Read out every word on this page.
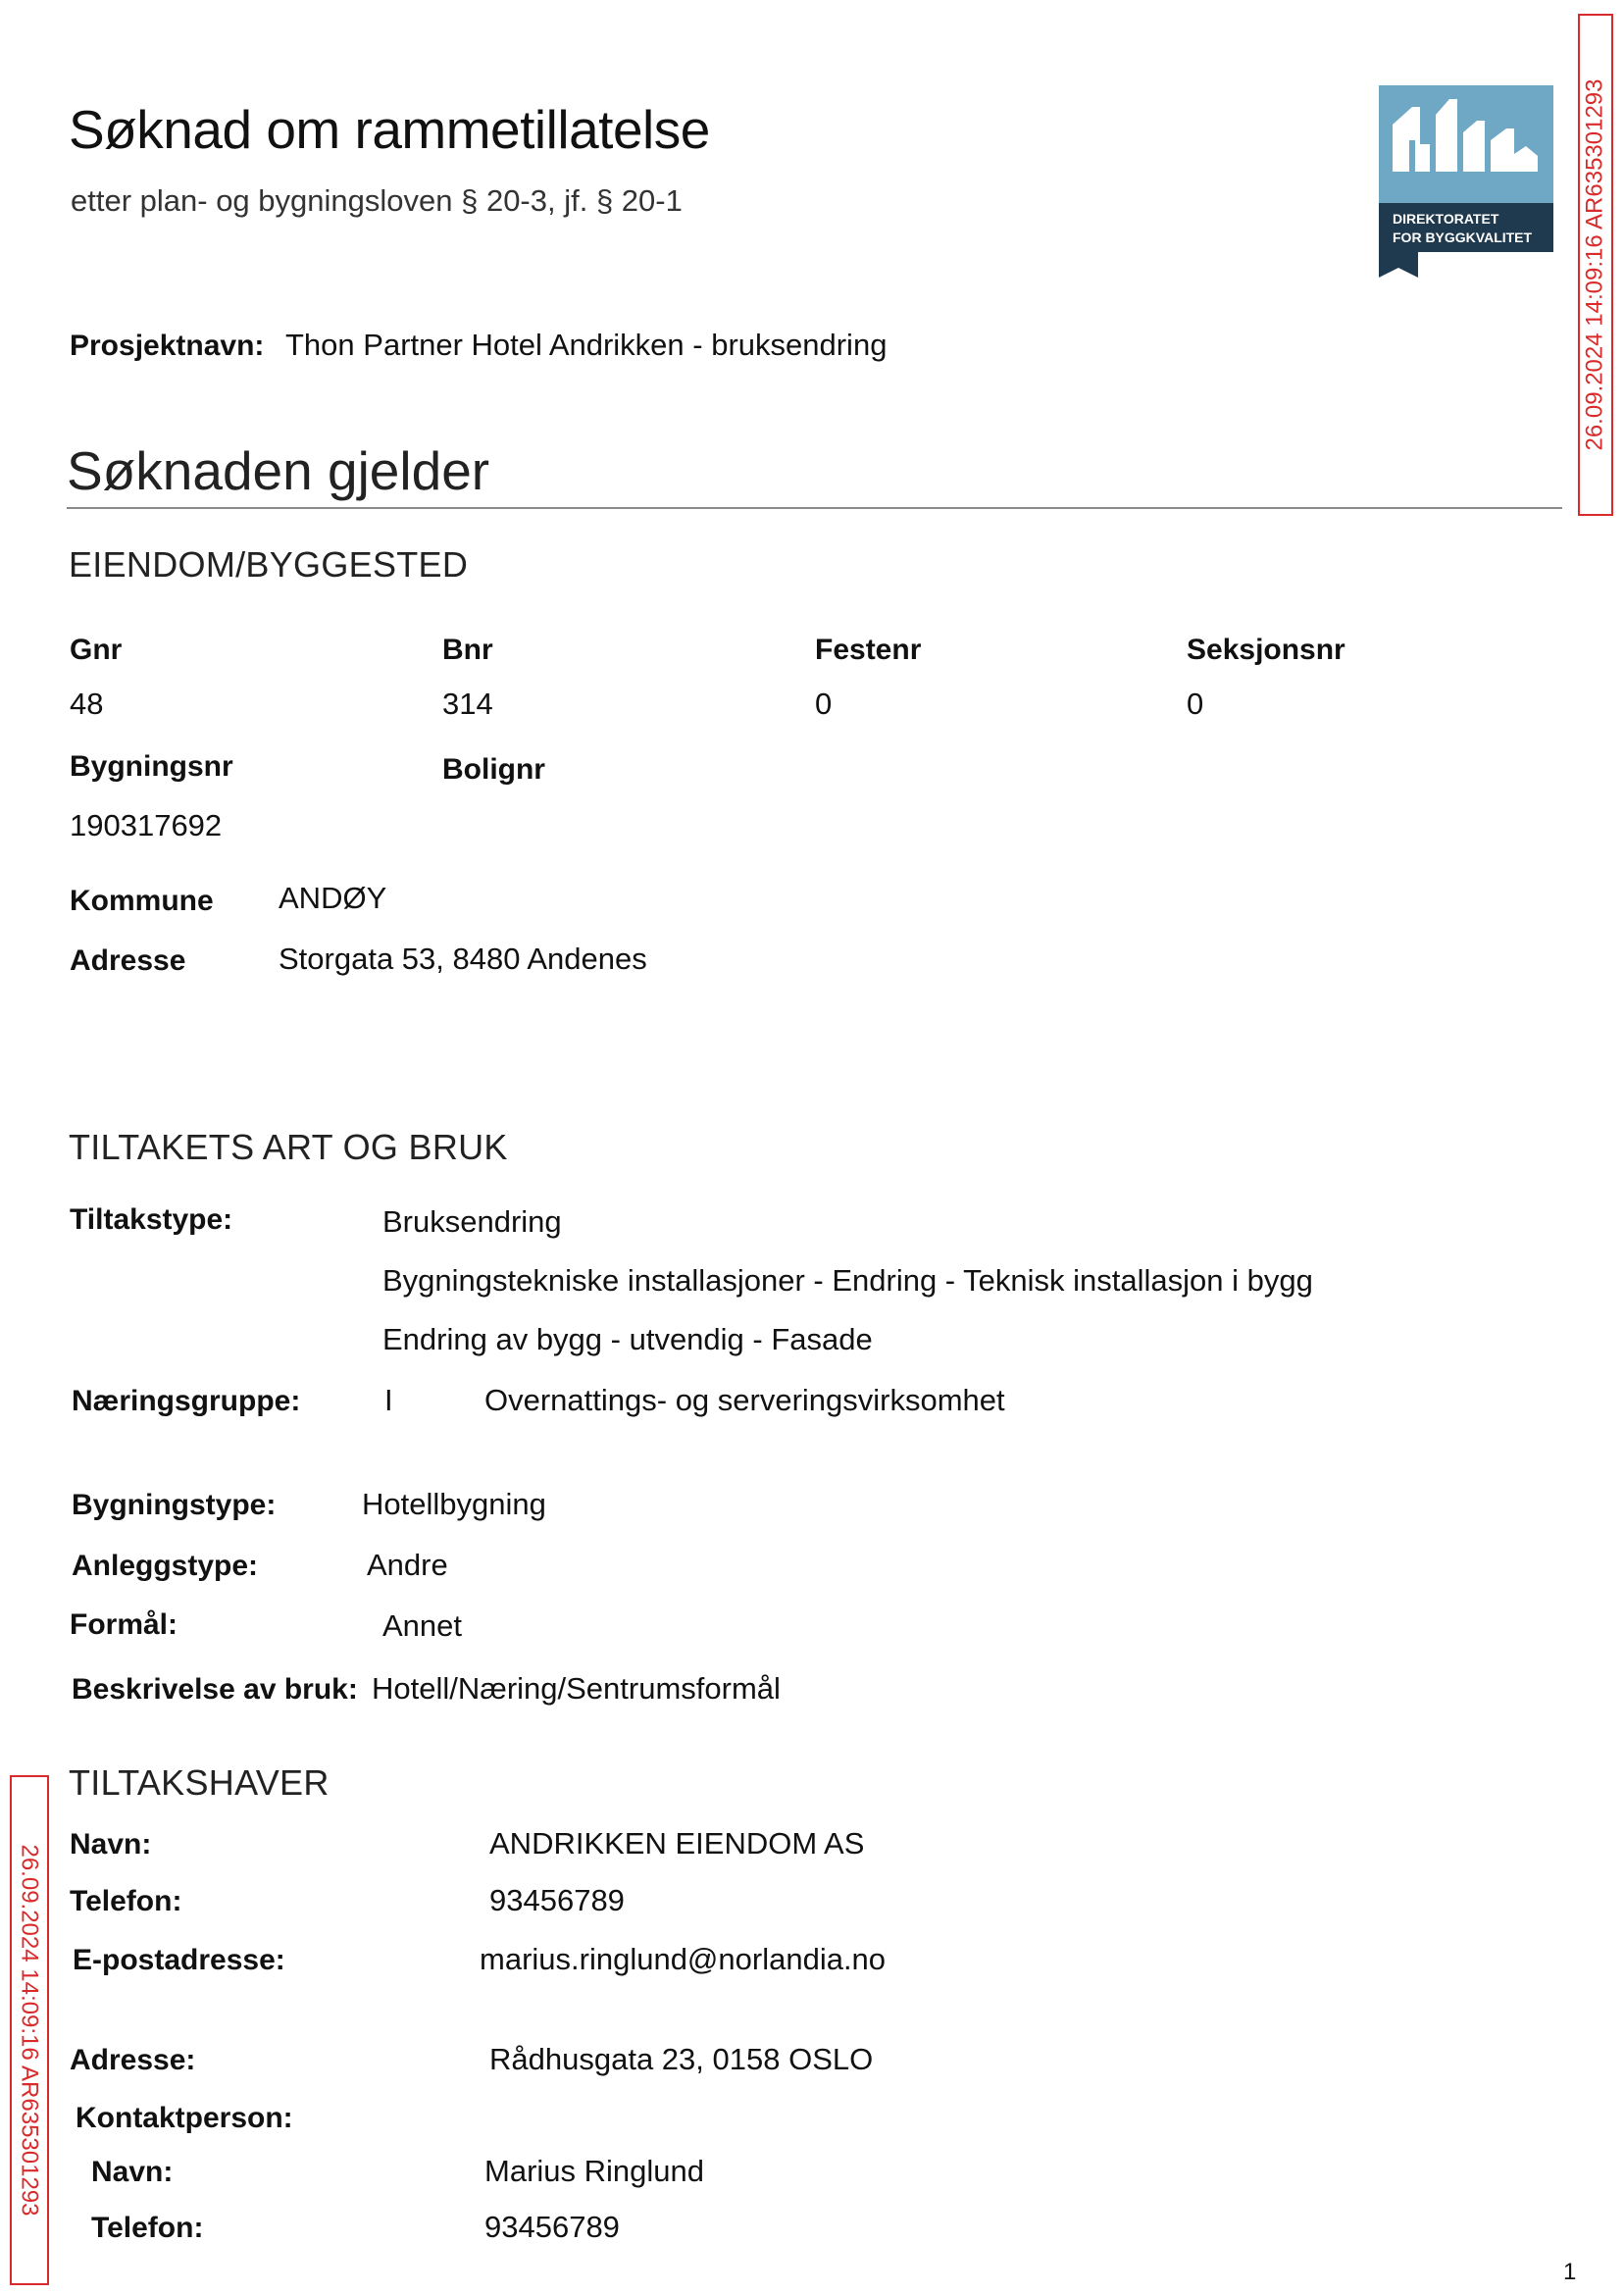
Søknad om rammetillatelse
etter plan- og bygningsloven § 20-3, jf. § 20-1
DIREKTORATET
FOR BYGGKVALITET 26.09.2024 14:09:16 AR635301293
26.09.2024 14:09:16 AR635301293
Prosjektnavn: Thon Partner Hotel Andrikken - bruksendring
Søknaden gjelder
EIENDOM/BYGGESTED
Gnr	Bnr	Festenr	Seksjonsnr
48	314	0	0
Bygningsnr	Bolignr
190317692
Kommune ANDØY
Adresse	Storgata 53, 8480 Andenes
TILTAKETS ART OG BRUK
Tiltakstype:	Bruksendring
Bygningstekniske installasjoner - Endring - Teknisk installasjon i bygg
Endring av bygg - utvendig - Fasade
Næringsgruppe:	I	Overnattings- og serveringsvirksomhet
Bygningstype:	Hotellbygning
Anleggstype:	Andre
Formål:	Annet
Beskrivelse av bruk: Hotell/Næring/Sentrumsformål
TILTAKSHAVER
Navn:	ANDRIKKEN EIENDOM AS
Telefon:	93456789
E-postadresse:	marius.ringlund@norlandia.no
Adresse:	Rådhusgata 23, 0158 OSLO
Kontaktperson:
Navn:	Marius Ringlund
Telefon:	93456789
1
